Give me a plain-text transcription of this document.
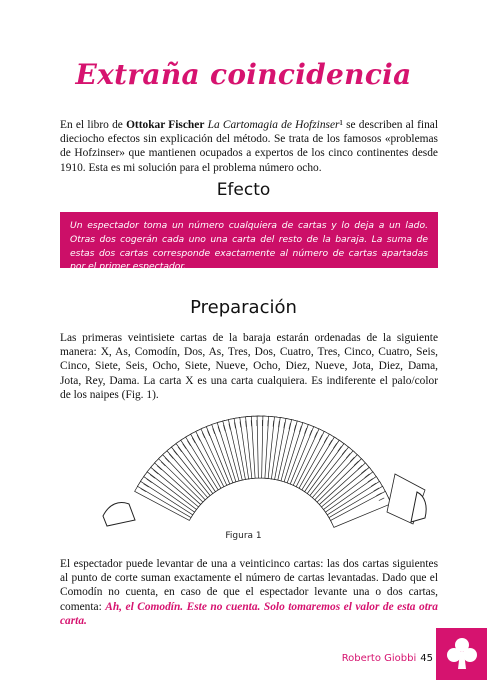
Extraña coincidencia

En el libro de Ottokar Fischer La Cartomagia de Hofzinser¹ se describen al final dieciocho efectos sin explicación del método. Se trata de los famosos «problemas de Hofzinser» que mantienen ocupados a expertos de los cinco continentes desde 1910. Esta es mi solución para el problema número ocho.

Efecto

Un espectador toma un número cualquiera de cartas y lo deja a un lado. Otras dos cogerán cada uno una carta del resto de la baraja. La suma de estas dos cartas corresponde exactamente al número de cartas apartadas por el primer espectador.

Preparación

Las primeras veintisiete cartas de la baraja estarán ordenadas de la siguiente manera: X, As, Comodín, Dos, As, Tres, Dos, Cuatro, Tres, Cinco, Cuatro, Seis, Cinco, Siete, Seis, Ocho, Siete, Nueve, Ocho, Diez, Nueve, Jota, Diez, Dama, Jota, Rey, Dama. La carta X es una carta cualquiera. Es indiferente el palo/color de los naipes (Fig. 1).

Figura 1

El espectador puede levantar de una a veinticinco cartas: las dos cartas siguientes al punto de corte suman exactamente el número de cartas levantadas. Dado que el Comodín no cuenta, en caso de que el espectador levante una o dos cartas, comenta: Ah, el Comodín. Este no cuenta. Solo tomaremos el valor de esta otra carta.

Roberto Giobbi 45
